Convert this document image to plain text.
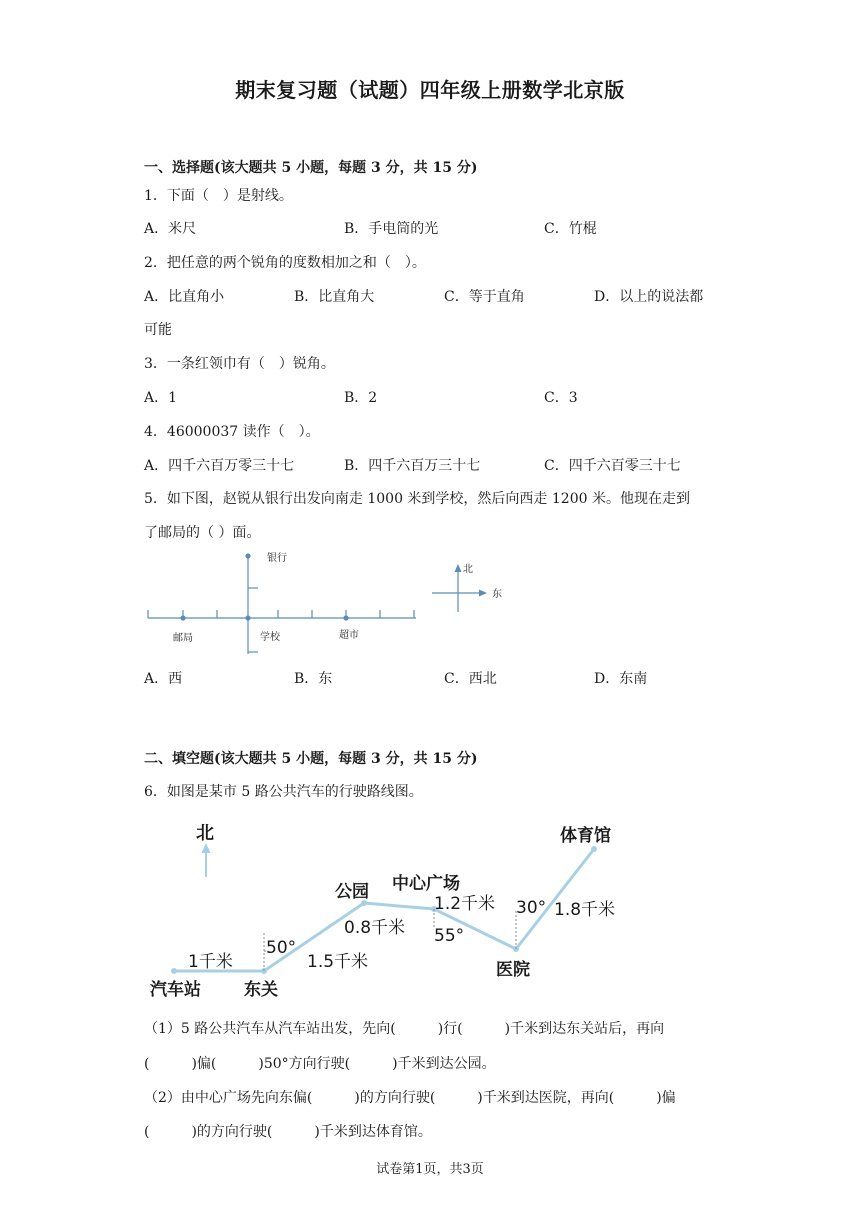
期末复习题（试题）四年级上册数学北京版
一、选择题(该大题共 5 小题，每题 3 分，共 15 分)
1．下面（　）是射线。
A．米尺	B．手电筒的光	C．竹棍
2．把任意的两个锐角的度数相加之和（　）。
A．比直角小	B．比直角大	C．等于直角	D．以上的说法都
可能
3．一条红领巾有（　）锐角。
A．1	B．2	C．3
4．46000037 读作（　）。
A．四千六百万零三十七	B．四千六百万三十七	C．四千六百零三十七
5．如下图，赵锐从银行出发向南走 1000 米到学校，然后向西走 1200 米。他现在走到
了邮局的（ ）面。
银行
邮局	学校	超市
北
东
A．西	B．东	C．西北	D．东南
二、填空题(该大题共 5 小题，每题 3 分，共 15 分)
6．如图是某市 5 路公共汽车的行驶路线图。
北
汽车站	东关
公园 中心广场
医院
体育馆
1千米	1.5千米
0.8千米
1.2千米	1.8千米
50°
55°
30°
（1）5 路公共汽车从汽车站出发，先向(　　　)行(　　　)千米到达东关站后，再向
(　　　)偏(　　　)50°方向行驶(　　　)千米到达公园。
（2）由中心广场先向东偏(　　　)的方向行驶(　　　)千米到达医院，再向(　　　)偏
(　　　)的方向行驶(　　　)千米到达体育馆。
试卷第1页，共3页
